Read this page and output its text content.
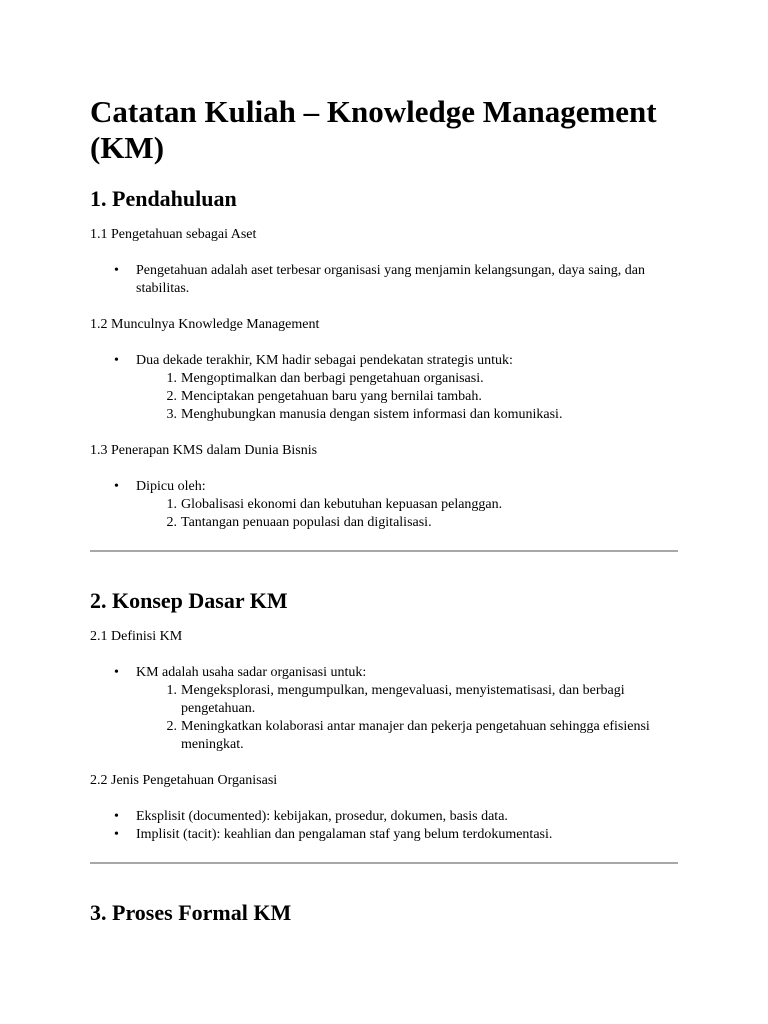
Catatan Kuliah – Knowledge Management (KM)
1. Pendahuluan

1.1 Pengetahuan sebagai Aset

• Pengetahuan adalah aset terbesar organisasi yang menjamin kelangsungan, daya saing, dan stabilitas.

1.2 Munculnya Knowledge Management

• Dua dekade terakhir, KM hadir sebagai pendekatan strategis untuk:
1. Mengoptimalkan dan berbagi pengetahuan organisasi.
2. Menciptakan pengetahuan baru yang bernilai tambah.
3. Menghubungkan manusia dengan sistem informasi dan komunikasi.

1.3 Penerapan KMS dalam Dunia Bisnis

• Dipicu oleh:
1. Globalisasi ekonomi dan kebutuhan kepuasan pelanggan.
2. Tantangan penuaan populasi dan digitalisasi.
2. Konsep Dasar KM

2.1 Definisi KM

• KM adalah usaha sadar organisasi untuk:
1. Mengeksplorasi, mengumpulkan, mengevaluasi, menyistematisasi, dan berbagi pengetahuan.
2. Meningkatkan kolaborasi antar manajer dan pekerja pengetahuan sehingga efisiensi meningkat.

2.2 Jenis Pengetahuan Organisasi

• Eksplisit (documented): kebijakan, prosedur, dokumen, basis data.
• Implisit (tacit): keahlian dan pengalaman staf yang belum terdokumentasi.
3. Proses Formal KM
